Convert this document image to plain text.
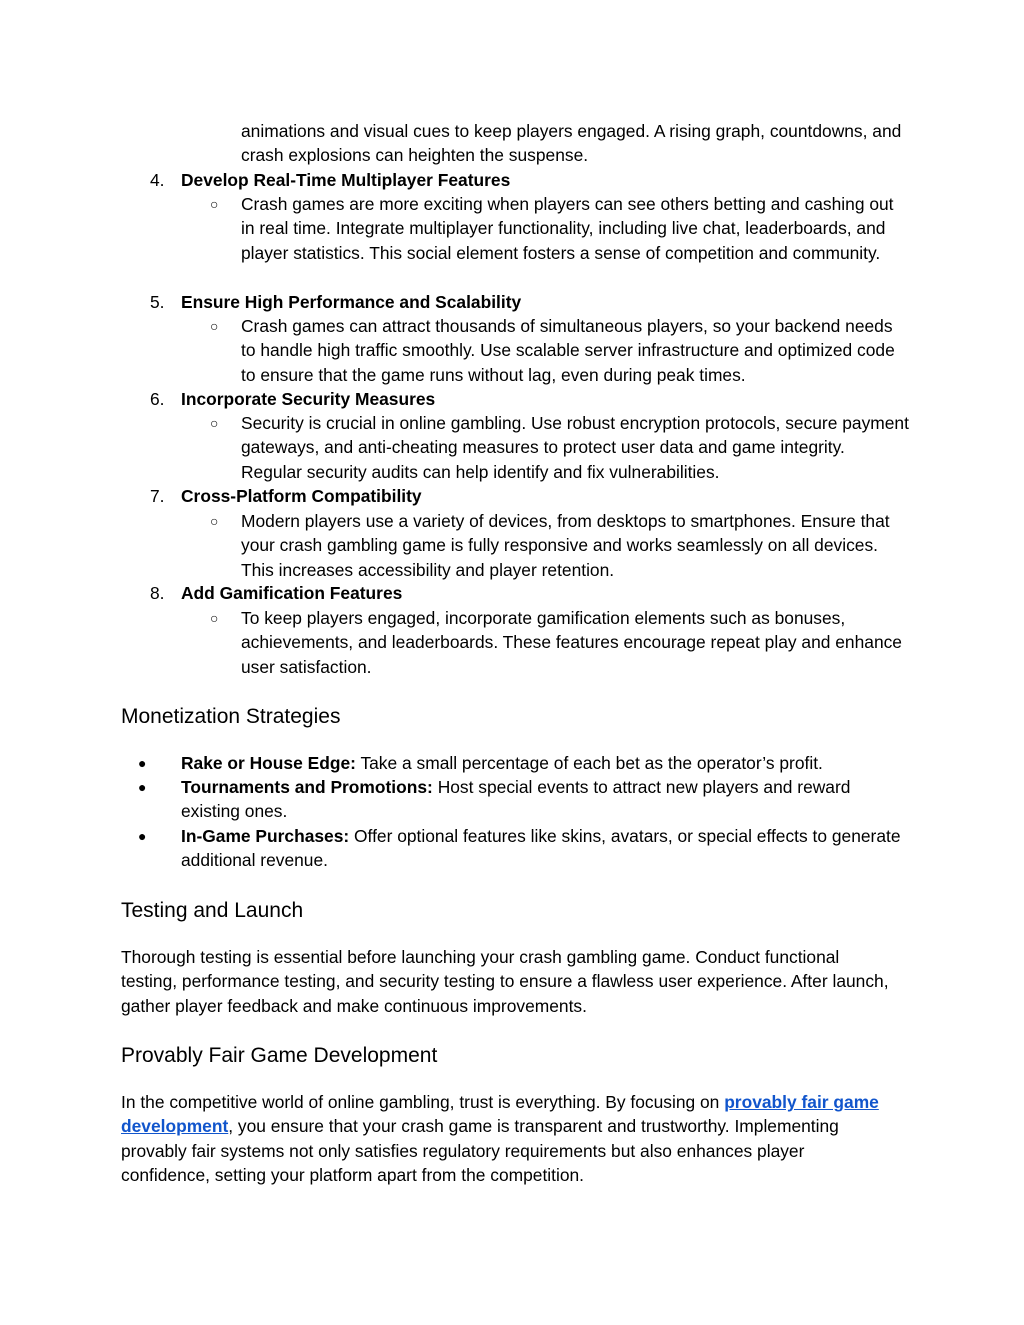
animations and visual cues to keep players engaged. A rising graph, countdowns, and crash explosions can heighten the suspense.
4. Develop Real-Time Multiplayer Features
○ Crash games are more exciting when players can see others betting and cashing out in real time. Integrate multiplayer functionality, including live chat, leaderboards, and player statistics. This social element fosters a sense of competition and community.
5. Ensure High Performance and Scalability
○ Crash games can attract thousands of simultaneous players, so your backend needs to handle high traffic smoothly. Use scalable server infrastructure and optimized code to ensure that the game runs without lag, even during peak times.
6. Incorporate Security Measures
○ Security is crucial in online gambling. Use robust encryption protocols, secure payment gateways, and anti-cheating measures to protect user data and game integrity. Regular security audits can help identify and fix vulnerabilities.
7. Cross-Platform Compatibility
○ Modern players use a variety of devices, from desktops to smartphones. Ensure that your crash gambling game is fully responsive and works seamlessly on all devices. This increases accessibility and player retention.
8. Add Gamification Features
○ To keep players engaged, incorporate gamification elements such as bonuses, achievements, and leaderboards. These features encourage repeat play and enhance user satisfaction.
Monetization Strategies
● Rake or House Edge: Take a small percentage of each bet as the operator’s profit.
● Tournaments and Promotions: Host special events to attract new players and reward existing ones.
● In-Game Purchases: Offer optional features like skins, avatars, or special effects to generate additional revenue.
Testing and Launch

Thorough testing is essential before launching your crash gambling game. Conduct functional testing, performance testing, and security testing to ensure a flawless user experience. After launch, gather player feedback and make continuous improvements.

Provably Fair Game Development

In the competitive world of online gambling, trust is everything. By focusing on provably fair game development, you ensure that your crash game is transparent and trustworthy. Implementing provably fair systems not only satisfies regulatory requirements but also enhances player confidence, setting your platform apart from the competition.
